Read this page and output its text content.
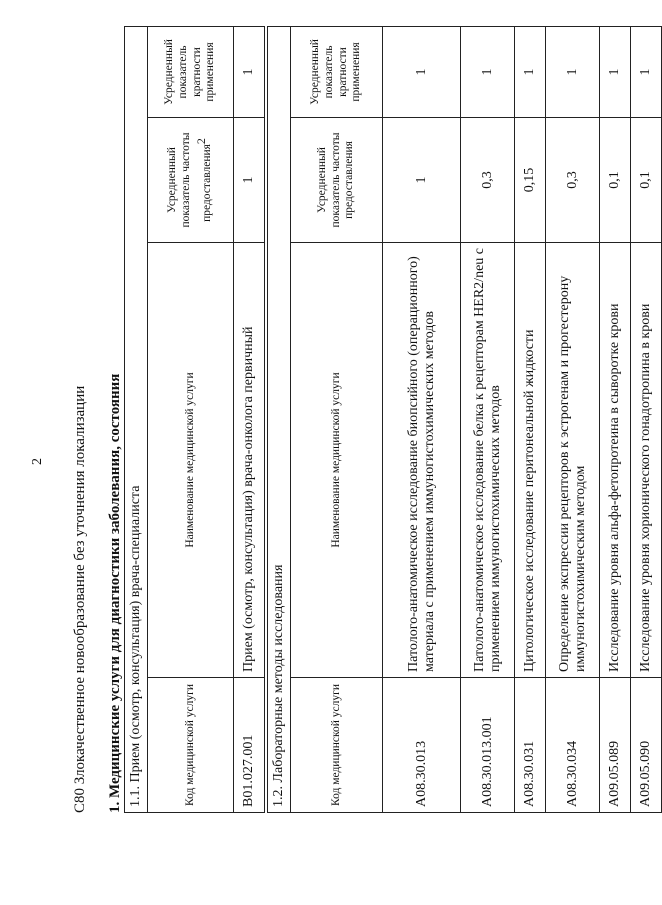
2 C80 Злокачественное новообразование без уточнения локализации 1. Медицинские услуги для диагностики заболевания, состояния 1.1. Прием (осмотр, консультация) врача-специалиста			
Код медицинской услуги	Наименование медицинской услуги	Усредненный показатель частоты предоставления$^2$	Усредненный показатель кратности применения
B01.027.001	Прием (осмотр, консультация) врача-онколога первичный	1	1
1.2. Лабораторные методы исследования			
Код медицинской услуги	Наименование медицинской услуги	Усредненный показатель частоты предоставления	Усредненный показатель кратности применения
A08.30.013	Патолого-анатомическое исследование биопсийного (операционного) материала с применением иммуногистохимических методов	1	1
A08.30.013.001	Патолого-анатомическое исследование белка к рецепторам HER2/neu с применением иммуногистохимических методов	0,3	1
A08.30.031	Цитологическое исследование перитонеальной жидкости	0,15	1
A08.30.034	Определение экспрессии рецепторов к эстрогенам и прогестерону иммуногистохимическим методом	0,3	1
A09.05.089	Исследование уровня альфа-фетопротеина в сыворотке крови	0,1	1
A09.05.090	Исследование уровня хорионического гонадотропина в крови	0,1	1
